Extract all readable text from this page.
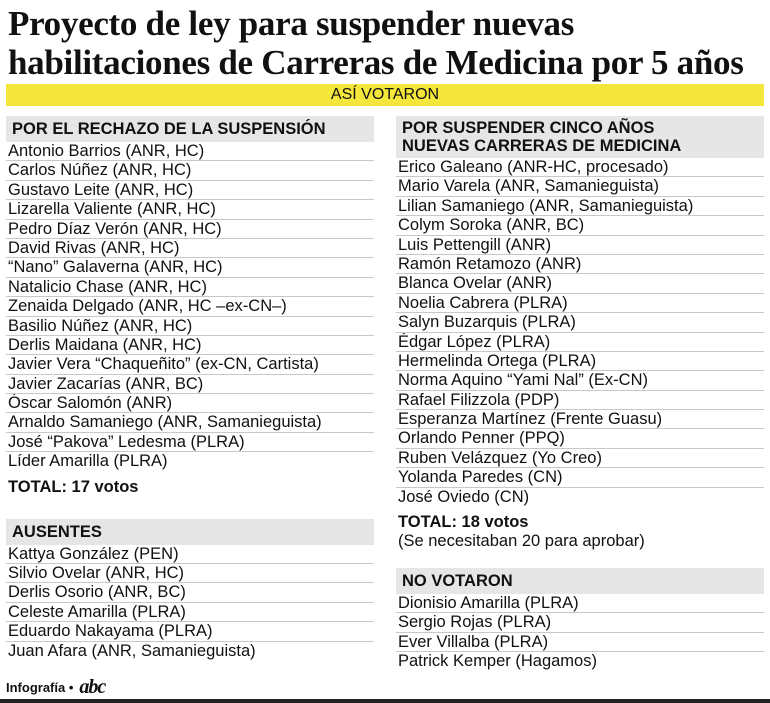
Proyecto de ley para suspender nuevas habilitaciones de Carreras de Medicina por 5 años
ASÍ VOTARON
POR EL RECHAZO DE LA SUSPENSIÓN
Antonio Barrios (ANR, HC)
Carlos Núñez (ANR, HC)
Gustavo Leite (ANR, HC)
Lizarella Valiente (ANR, HC)
Pedro Díaz Verón (ANR, HC)
David Rivas (ANR, HC)
“Nano” Galaverna (ANR, HC)
Natalicio Chase (ANR, HC)
Zenaida Delgado (ANR, HC –ex-CN–)
Basilio Núñez (ANR, HC)
Derlis Maidana (ANR, HC)
Javier Vera “Chaqueñito” (ex-CN, Cartista)
Javier Zacarías (ANR, BC)
Óscar Salomón (ANR)
Arnaldo Samaniego (ANR, Samanieguista)
José “Pakova” Ledesma (PLRA)
Líder Amarilla (PLRA)
TOTAL: 17 votos
AUSENTES
Kattya González (PEN)
Silvio Ovelar (ANR, HC)
Derlis Osorio (ANR, BC)
Celeste Amarilla (PLRA)
Eduardo Nakayama (PLRA)
Juan Afara (ANR, Samanieguista)
POR SUSPENDER CINCO AÑOS
NUEVAS CARRERAS DE MEDICINA
Erico Galeano (ANR-HC, procesado)
Mario Varela (ANR, Samanieguista)
Lilian Samaniego (ANR, Samanieguista)
Colym Soroka (ANR, BC)
Luis Pettengill (ANR)
Ramón Retamozo (ANR)
Blanca Ovelar (ANR)
Noelia Cabrera (PLRA)
Salyn Buzarquis (PLRA)
Édgar López (PLRA)
Hermelinda Ortega (PLRA)
Norma Aquino “Yami Nal” (Ex-CN)
Rafael Filizzola (PDP)
Esperanza Martínez (Frente Guasu)
Orlando Penner (PPQ)
Ruben Velázquez (Yo Creo)
Yolanda Paredes (CN)
José Oviedo (CN)
TOTAL: 18 votos
(Se necesitaban 20 para aprobar)
NO VOTARON
Dionisio Amarilla (PLRA)
Sergio Rojas (PLRA)
Ever Villalba (PLRA)
Patrick Kemper (Hagamos)
Infografía • abc
